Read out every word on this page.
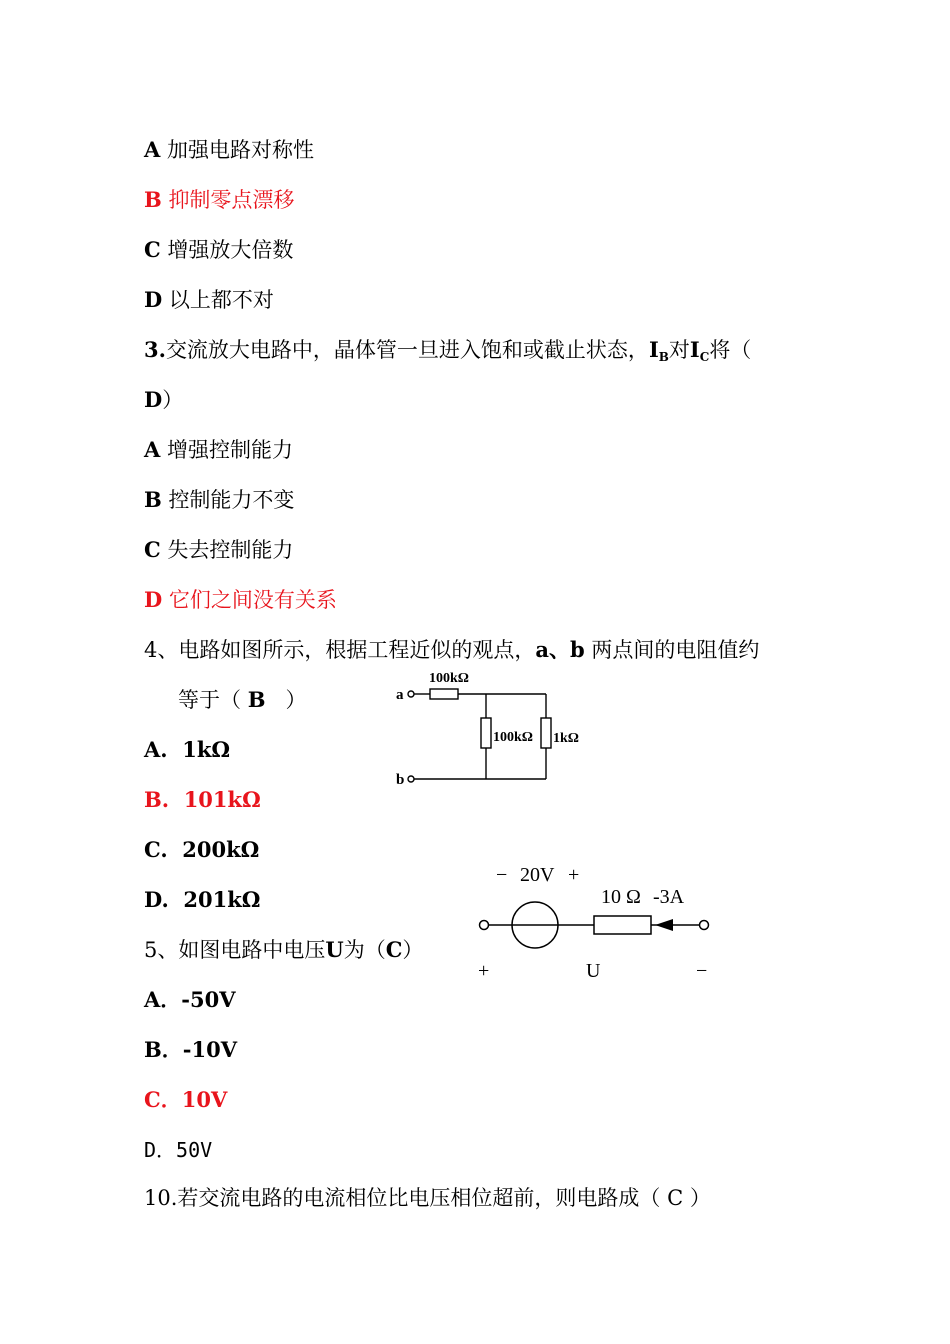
A 加强电路对称性
B 抑制零点漂移
C 增强放大倍数
D 以上都不对
3.交流放大电路中，晶体管一旦进入饱和或截止状态，$I_B$对$I_C$将（
D）
A 增强控制能力
B 控制能力不变
C 失去控制能力
D 它们之间没有关系
4、电路如图所示，根据工程近似的观点，a、b 两点间的电阻值约
等于（ B ）
A. 1kΩ
B. 101kΩ
C. 200kΩ
D. 201kΩ
a
100kΩ
100kΩ 1kΩ
b
5、如图电路中电压U为（C）
A．-50V
B．-10V
C．10V
D．50V
− 20V +
10 Ω -3A
+	U	−
10.若交流电路的电流相位比电压相位超前，则电路成（ C ）
